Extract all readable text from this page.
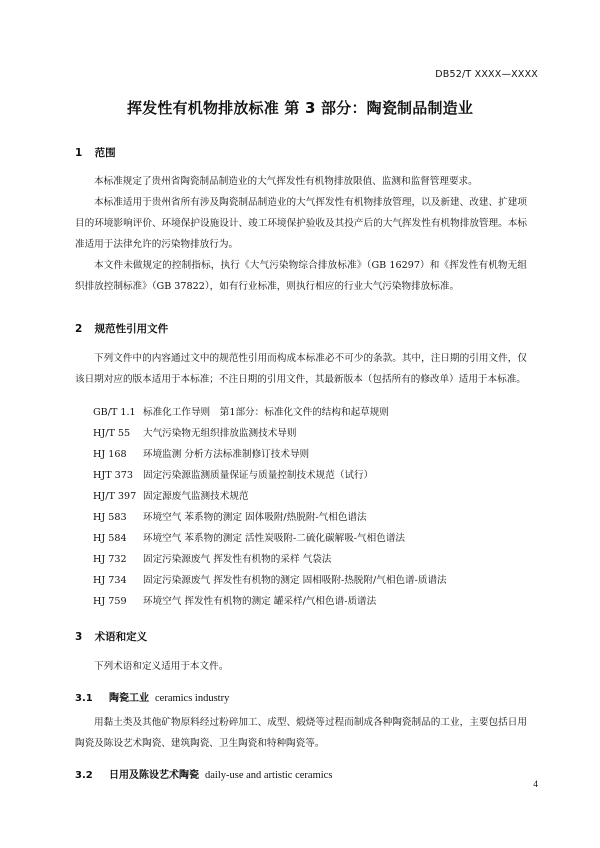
DB52/T XXXX—XXXX
挥发性有机物排放标准 第 3 部分：陶瓷制品制造业
1 范围
本标准规定了贵州省陶瓷制品制造业的大气挥发性有机物排放限值、监测和监督管理要求。
本标准适用于贵州省所有涉及陶瓷制品制造业的大气挥发性有机物排放管理，以及新建、改建、扩建项目的环境影响评价、环境保护设施设计、竣工环境保护验收及其投产后的大气挥发性有机物排放管理。本标准适用于法律允许的污染物排放行为。
本文件未做规定的控制指标，执行《大气污染物综合排放标准》（GB 16297）和《挥发性有机物无组织排放控制标准》（GB 37822），如有行业标准，则执行相应的行业大气污染物排放标准。
2 规范性引用文件
下列文件中的内容通过文中的规范性引用而构成本标准必不可少的条款。其中，注日期的引用文件，仅该日期对应的版本适用于本标准；不注日期的引用文件，其最新版本（包括所有的修改单）适用于本标准。
GB/T 1.1 标准化工作导则　第1部分：标准化文件的结构和起草规则
HJ/T 55 大气污染物无组织排放监测技术导则
HJ 168 环境监测 分析方法标准制修订技术导则
HJT 373 固定污染源监测质量保证与质量控制技术规范（试行）
HJ/T 397 固定源废气监测技术规范
HJ 583 环境空气 苯系物的测定 固体吸附/热脱附-气相色谱法
HJ 584 环境空气 苯系物的测定 活性炭吸附-二硫化碳解吸-气相色谱法
HJ 732 固定污染源废气 挥发性有机物的采样 气袋法
HJ 734 固定污染源废气 挥发性有机物的测定 固相吸附-热脱附/气相色谱-质谱法
HJ 759 环境空气 挥发性有机物的测定 罐采样/气相色谱-质谱法
3 术语和定义
下列术语和定义适用于本文件。
3.1 陶瓷工业 ceramics industry
用黏土类及其他矿物原料经过粉碎加工、成型、煅烧等过程而制成各种陶瓷制品的工业，主要包括日用陶瓷及陈设艺术陶瓷、建筑陶瓷、卫生陶瓷和特种陶瓷等。
3.2 日用及陈设艺术陶瓷 daily-use and artistic ceramics
4
